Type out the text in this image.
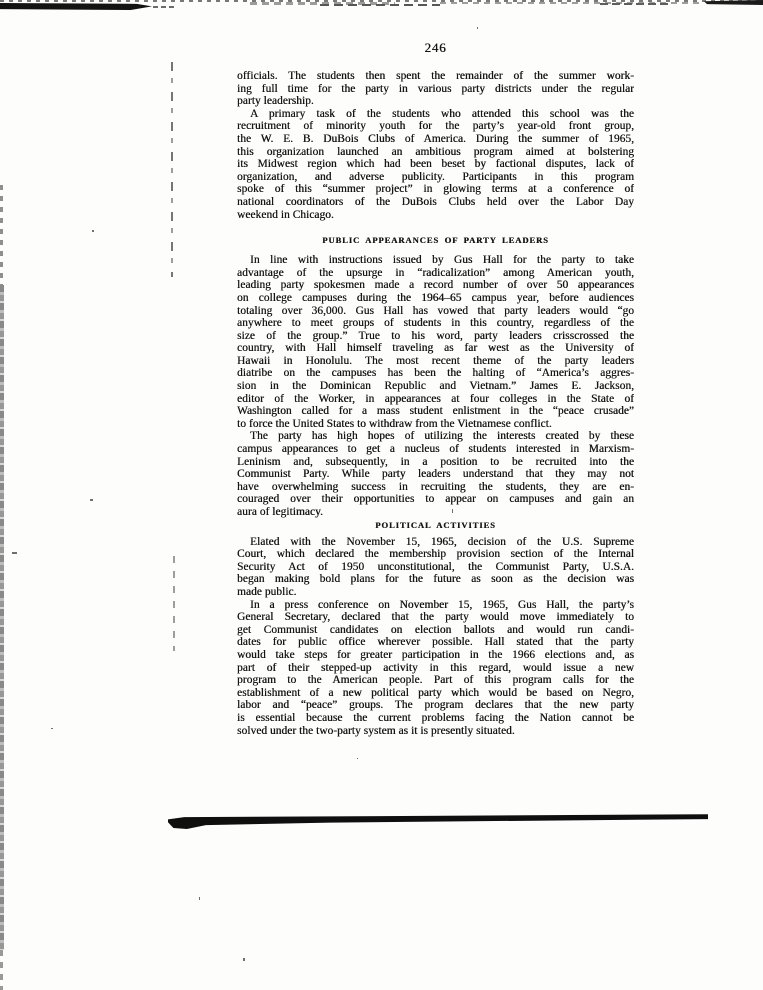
246
officials. The students then spent the remainder of the summer work-
ing full time for the party in various party districts under the regular
party leadership.
A primary task of the students who attended this school was the
recruitment of minority youth for the party’s year-old front group,
the W. E. B. DuBois Clubs of America. During the summer of 1965,
this organization launched an ambitious program aimed at bolstering
its Midwest region which had been beset by factional disputes, lack of
organization, and adverse publicity. Participants in this program
spoke of this “summer project” in glowing terms at a conference of
national coordinators of the DuBois Clubs held over the Labor Day
weekend in Chicago.
PUBLIC APPEARANCES OF PARTY LEADERS
In line with instructions issued by Gus Hall for the party to take
advantage of the upsurge in “radicalization” among American youth,
leading party spokesmen made a record number of over 50 appearances
on college campuses during the 1964–65 campus year, before audiences
totaling over 36,000. Gus Hall has vowed that party leaders would “go
anywhere to meet groups of students in this country, regardless of the
size of the group.” True to his word, party leaders crisscrossed the
country, with Hall himself traveling as far west as the University of
Hawaii in Honolulu. The most recent theme of the party leaders
diatribe on the campuses has been the halting of “America’s aggres-
sion in the Dominican Republic and Vietnam.” James E. Jackson,
editor of the Worker, in appearances at four colleges in the State of
Washington called for a mass student enlistment in the “peace crusade”
to force the United States to withdraw from the Vietnamese conflict.
The party has high hopes of utilizing the interests created by these
campus appearances to get a nucleus of students interested in Marxism-
Leninism and, subsequently, in a position to be recruited into the
Communist Party. While party leaders understand that they may not
have overwhelming success in recruiting the students, they are en-
couraged over their opportunities to appear on campuses and gain an
aura of legitimacy.
POLITICAL ACTIVITIES
Elated with the November 15, 1965, decision of the U.S. Supreme
Court, which declared the membership provision section of the Internal
Security Act of 1950 unconstitutional, the Communist Party, U.S.A.
began making bold plans for the future as soon as the decision was
made public.
In a press conference on November 15, 1965, Gus Hall, the party’s
General Secretary, declared that the party would move immediately to
get Communist candidates on election ballots and would run candi-
dates for public office wherever possible. Hall stated that the party
would take steps for greater participation in the 1966 elections and, as
part of their stepped-up activity in this regard, would issue a new
program to the American people. Part of this program calls for the
establishment of a new political party which would be based on Negro,
labor and “peace” groups. The program declares that the new party
is essential because the current problems facing the Nation cannot be
solved under the two-party system as it is presently situated.
